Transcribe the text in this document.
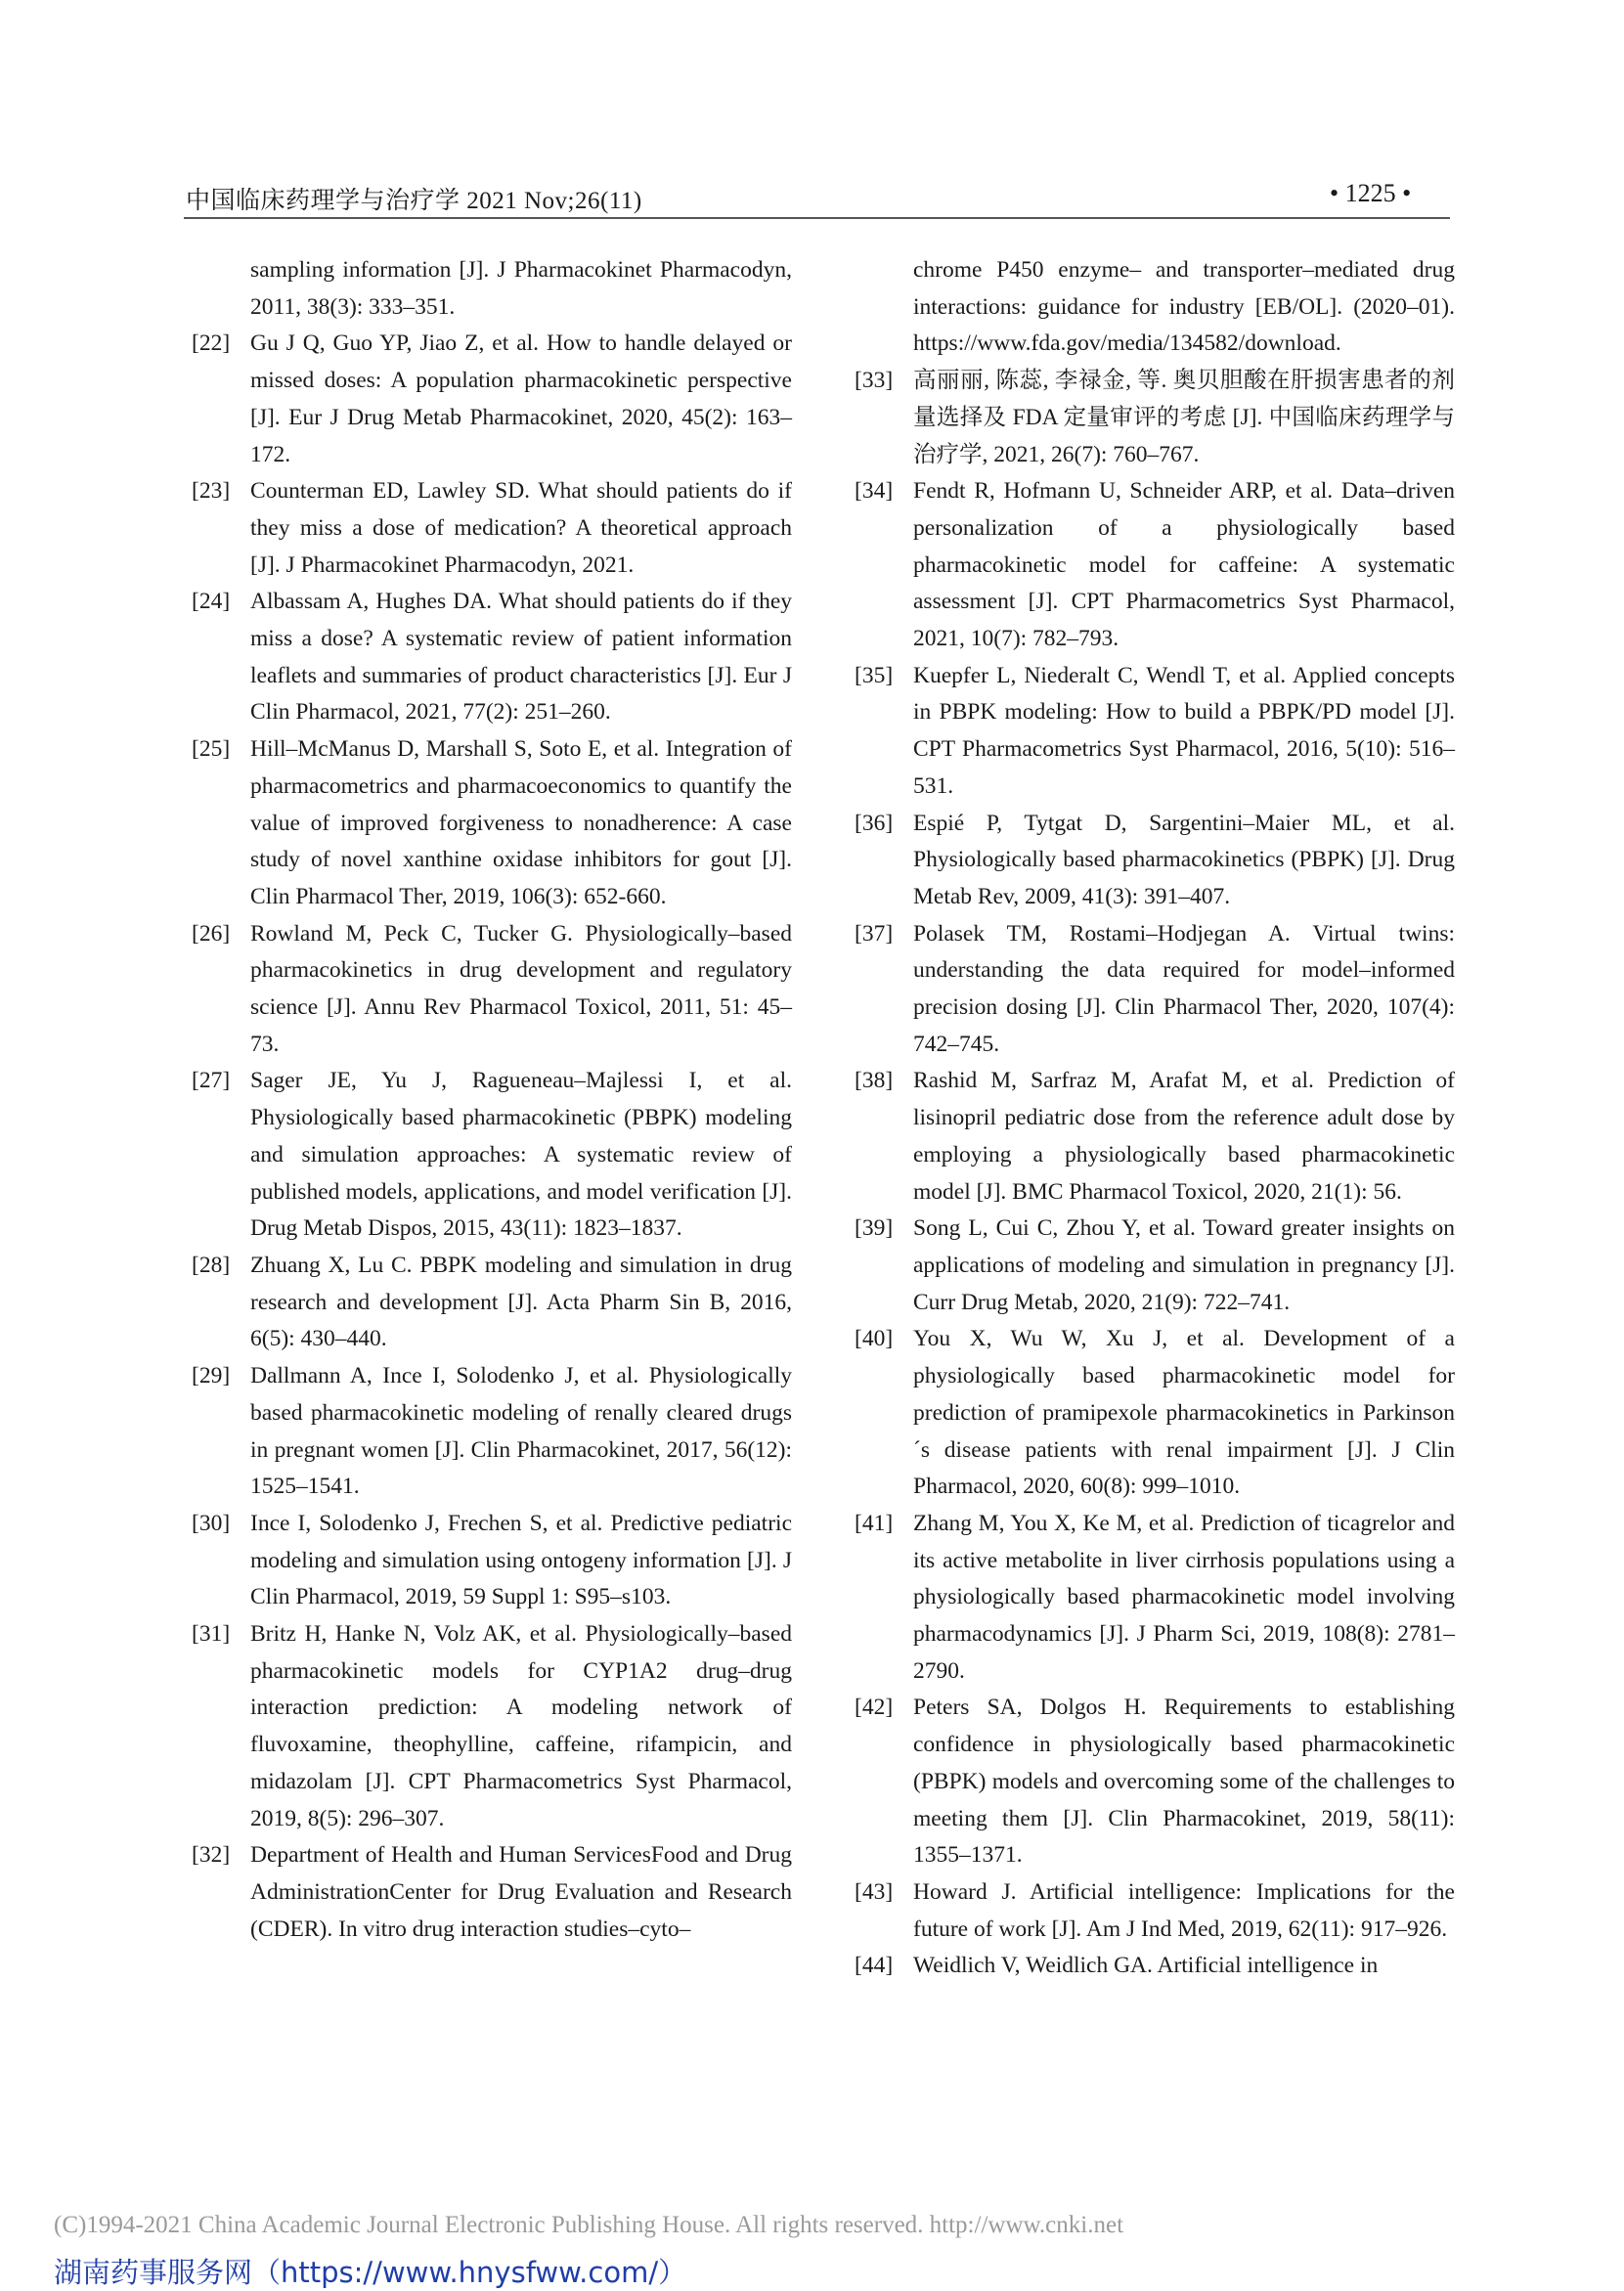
中国临床药理学与治疗学 2021 Nov;26(11)	• 1225 •
sampling information [J]. J Pharmacokinet Pharmacodyn, 2011, 38(3): 333–351.
[22] Gu J Q, Guo YP, Jiao Z, et al. How to handle delayed or missed doses: A population pharmacokinetic perspective [J]. Eur J Drug Metab Pharmacokinet, 2020, 45(2): 163–172.
[23] Counterman ED, Lawley SD. What should patients do if they miss a dose of medication? A theoretical approach [J]. J Pharmacokinet Pharmacodyn, 2021.
[24] Albassam A, Hughes DA. What should patients do if they miss a dose? A systematic review of patient information leaflets and summaries of product characteristics [J]. Eur J Clin Pharmacol, 2021, 77(2): 251–260.
[25] Hill–McManus D, Marshall S, Soto E, et al. Integration of pharmacometrics and pharmacoeconomics to quantify the value of improved forgiveness to nonadherence: A case study of novel xanthine oxidase inhibitors for gout [J]. Clin Pharmacol Ther, 2019, 106(3): 652-660.
[26] Rowland M, Peck C, Tucker G. Physiologically–based pharmacokinetics in drug development and regulatory science [J]. Annu Rev Pharmacol Toxicol, 2011, 51: 45–73.
[27] Sager JE, Yu J, Ragueneau–Majlessi I, et al. Physiologically based pharmacokinetic (PBPK) modeling and simulation approaches: A systematic review of published models, applications, and model verification [J]. Drug Metab Dispos, 2015, 43(11): 1823–1837.
[28] Zhuang X, Lu C. PBPK modeling and simulation in drug research and development [J]. Acta Pharm Sin B, 2016, 6(5): 430–440.
[29] Dallmann A, Ince I, Solodenko J, et al. Physiologically based pharmacokinetic modeling of renally cleared drugs in pregnant women [J]. Clin Pharmacokinet, 2017, 56(12): 1525–1541.
[30] Ince I, Solodenko J, Frechen S, et al. Predictive pediatric modeling and simulation using ontogeny information [J]. J Clin Pharmacol, 2019, 59 Suppl 1: S95–s103.
[31] Britz H, Hanke N, Volz AK, et al. Physiologically–based pharmacokinetic models for CYP1A2 drug–drug interaction prediction: A modeling network of fluvoxamine, theophylline, caffeine, rifampicin, and midazolam [J]. CPT Pharmacometrics Syst Pharmacol, 2019, 8(5): 296–307.
[32] Department of Health and Human ServicesFood and Drug AdministrationCenter for Drug Evaluation and Research (CDER). In vitro drug interaction studies–cyto–
chrome P450 enzyme– and transporter–mediated drug interactions: guidance for industry [EB/OL]. (2020–01). https://www.fda.gov/media/134582/download.
[33] 高丽丽, 陈蕊, 李禄金, 等. 奥贝胆酸在肝损害患者的剂量选择及 FDA 定量审评的考虑 [J]. 中国临床药理学与治疗学, 2021, 26(7): 760–767.
[34] Fendt R, Hofmann U, Schneider ARP, et al. Data–driven personalization of a physiologically based pharmacokinetic model for caffeine: A systematic assessment [J]. CPT Pharmacometrics Syst Pharmacol, 2021, 10(7): 782–793.
[35] Kuepfer L, Niederalt C, Wendl T, et al. Applied concepts in PBPK modeling: How to build a PBPK/PD model [J]. CPT Pharmacometrics Syst Pharmacol, 2016, 5(10): 516–531.
[36] Espié P, Tytgat D, Sargentini–Maier ML, et al. Physiologically based pharmacokinetics (PBPK) [J]. Drug Metab Rev, 2009, 41(3): 391–407.
[37] Polasek TM, Rostami–Hodjegan A. Virtual twins: understanding the data required for model–informed precision dosing [J]. Clin Pharmacol Ther, 2020, 107(4): 742–745.
[38] Rashid M, Sarfraz M, Arafat M, et al. Prediction of lisinopril pediatric dose from the reference adult dose by employing a physiologically based pharmacokinetic model [J]. BMC Pharmacol Toxicol, 2020, 21(1): 56.
[39] Song L, Cui C, Zhou Y, et al. Toward greater insights on applications of modeling and simulation in pregnancy [J]. Curr Drug Metab, 2020, 21(9): 722–741.
[40] You X, Wu W, Xu J, et al. Development of a physiologically based pharmacokinetic model for prediction of pramipexole pharmacokinetics in Parkinson´s disease patients with renal impairment [J]. J Clin Pharmacol, 2020, 60(8): 999–1010.
[41] Zhang M, You X, Ke M, et al. Prediction of ticagrelor and its active metabolite in liver cirrhosis populations using a physiologically based pharmacokinetic model involving pharmacodynamics [J]. J Pharm Sci, 2019, 108(8): 2781–2790.
[42] Peters SA, Dolgos H. Requirements to establishing confidence in physiologically based pharmacokinetic (PBPK) models and overcoming some of the challenges to meeting them [J]. Clin Pharmacokinet, 2019, 58(11): 1355–1371.
[43] Howard J. Artificial intelligence: Implications for the future of work [J]. Am J Ind Med, 2019, 62(11): 917–926.
[44] Weidlich V, Weidlich GA. Artificial intelligence in
(C)1994-2021 China Academic Journal Electronic Publishing House. All rights reserved. http://www.cnki.net
湖南药事服务网（https://www.hnysfww.com/）
